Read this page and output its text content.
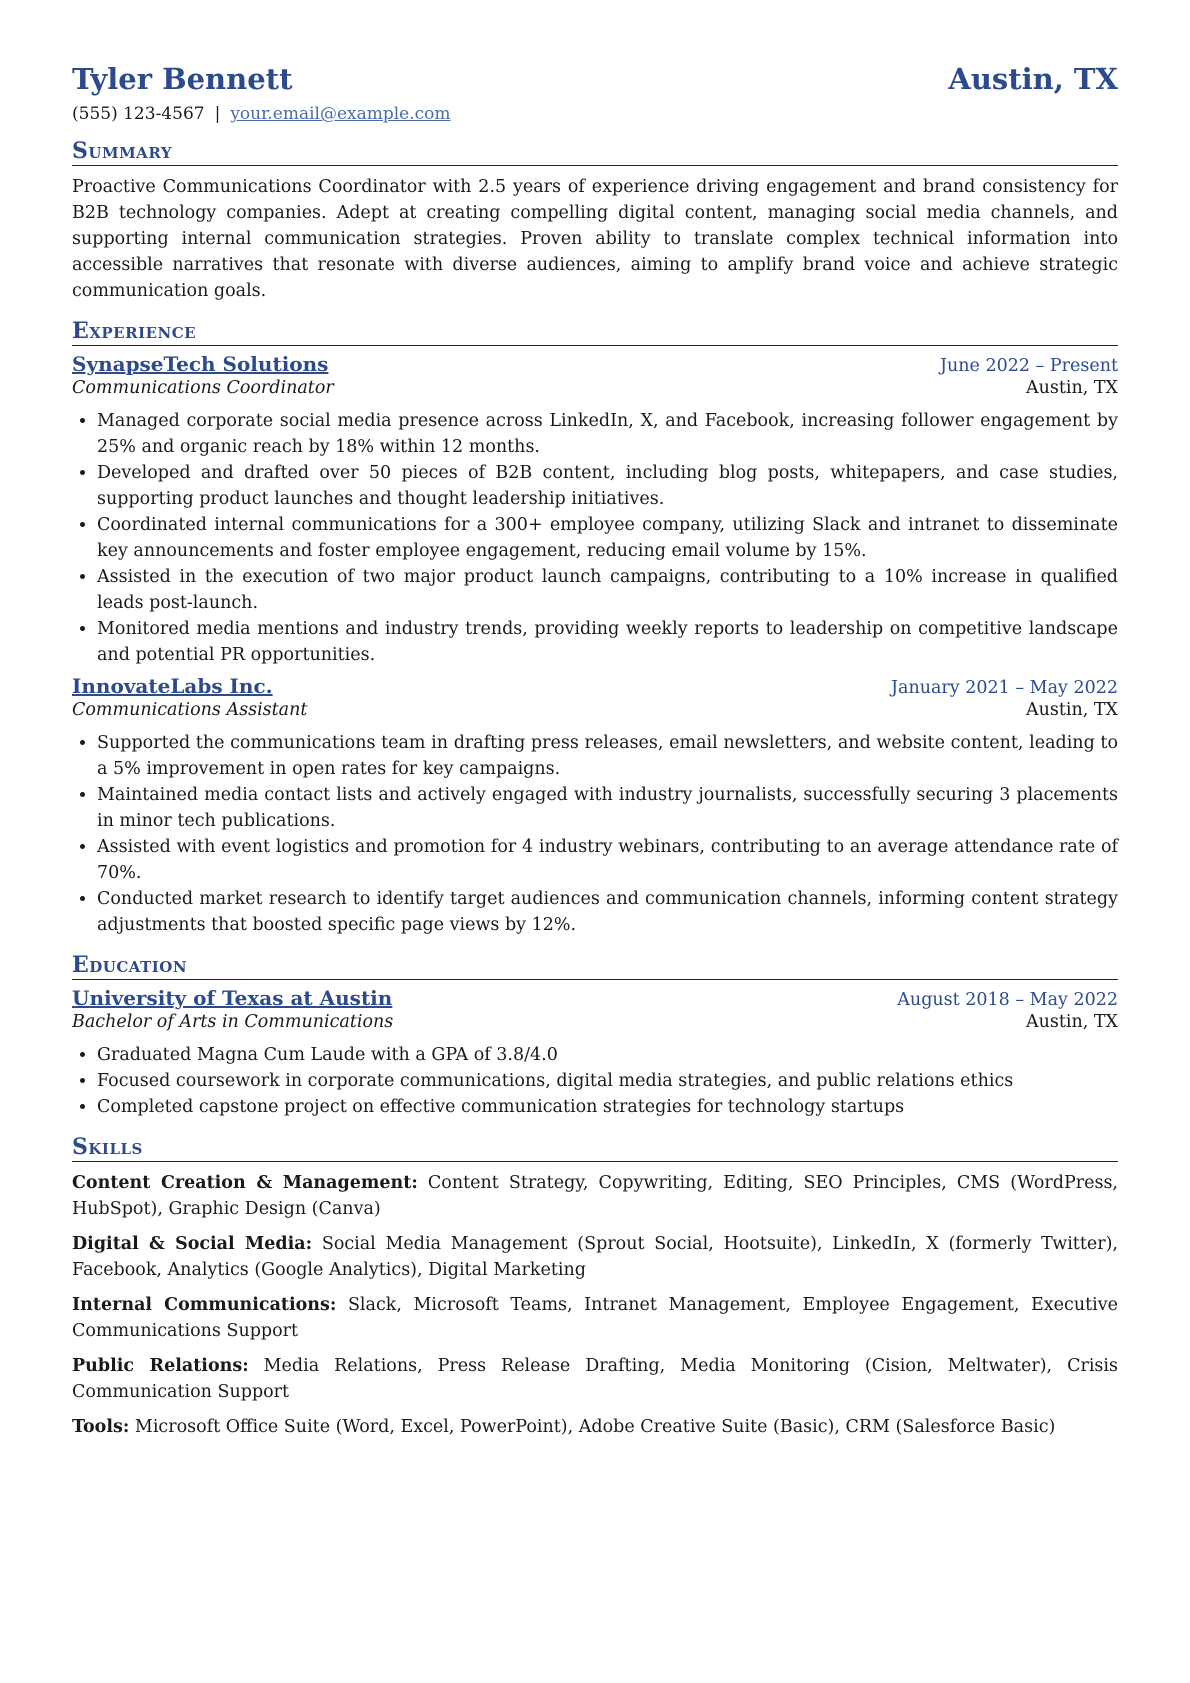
Tyler Bennett	Austin, TX
(555) 123-4567 | your.email@example.com
Summary
Proactive Communications Coordinator with 2.5 years of experience driving engagement and brand consistency for B2B technology companies. Adept at creating compelling digital content, managing social media channels, and supporting internal communication strategies. Proven ability to translate complex technical information into accessible narratives that resonate with diverse audiences, aiming to amplify brand voice and achieve strategic communication goals.
Experience
SynapseTech Solutions	June 2022 – Present
Communications Coordinator	Austin, TX
• Managed corporate social media presence across LinkedIn, X, and Facebook, increasing follower engagement by 25% and organic reach by 18% within 12 months.
• Developed and drafted over 50 pieces of B2B content, including blog posts, whitepapers, and case studies, supporting product launches and thought leadership initiatives.
• Coordinated internal communications for a 300+ employee company, utilizing Slack and intranet to disseminate key announcements and foster employee engagement, reducing email volume by 15%.
• Assisted in the execution of two major product launch campaigns, contributing to a 10% increase in qualified leads post-launch.
• Monitored media mentions and industry trends, providing weekly reports to leadership on competitive landscape and potential PR opportunities.
InnovateLabs Inc.	January 2021 – May 2022
Communications Assistant	Austin, TX
• Supported the communications team in drafting press releases, email newsletters, and website content, leading to a 5% improvement in open rates for key campaigns.
• Maintained media contact lists and actively engaged with industry journalists, successfully securing 3 placements in minor tech publications.
• Assisted with event logistics and promotion for 4 industry webinars, contributing to an average attendance rate of 70%.
• Conducted market research to identify target audiences and communication channels, informing content strategy adjustments that boosted specific page views by 12%.
Education
University of Texas at Austin	August 2018 – May 2022
Bachelor of Arts in Communications	Austin, TX
• Graduated Magna Cum Laude with a GPA of 3.8/4.0
• Focused coursework in corporate communications, digital media strategies, and public relations ethics
• Completed capstone project on effective communication strategies for technology startups
Skills
Content Creation & Management: Content Strategy, Copywriting, Editing, SEO Principles, CMS (WordPress, HubSpot), Graphic Design (Canva)
Digital & Social Media: Social Media Management (Sprout Social, Hootsuite), LinkedIn, X (formerly Twitter), Facebook, Analytics (Google Analytics), Digital Marketing
Internal Communications: Slack, Microsoft Teams, Intranet Management, Employee Engagement, Executive Communications Support
Public Relations: Media Relations, Press Release Drafting, Media Monitoring (Cision, Meltwater), Crisis Communication Support
Tools: Microsoft Office Suite (Word, Excel, PowerPoint), Adobe Creative Suite (Basic), CRM (Salesforce Basic)
